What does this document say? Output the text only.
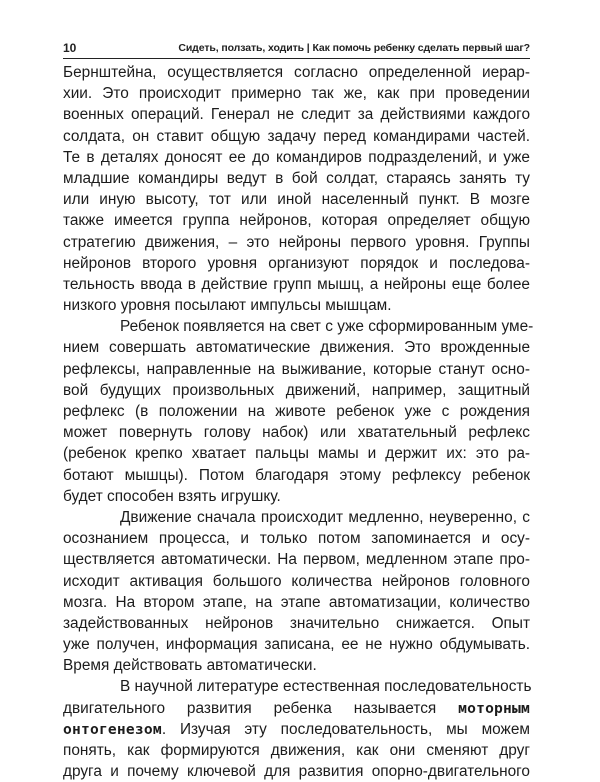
10	Сидеть, ползать, ходить | Как помочь ребенку сделать первый шаг?
Бернштейна, осуществляется согласно определенной иерар-
хии. Это происходит примерно так же, как при проведении
военных операций. Генерал не следит за действиями каждого
солдата, он ставит общую задачу перед командирами частей.
Те в деталях доносят ее до командиров подразделений, и уже
младшие командиры ведут в бой солдат, стараясь занять ту
или иную высоту, тот или иной населенный пункт. В мозге
также имеется группа нейронов, которая определяет общую
стратегию движения, – это нейроны первого уровня. Группы
нейронов второго уровня организуют порядок и последова-
тельность ввода в действие групп мышц, а нейроны еще более
низкого уровня посылают импульсы мышцам.
Ребенок появляется на свет с уже сформированным уме-
нием совершать автоматические движения. Это врожденные
рефлексы, направленные на выживание, которые станут осно-
вой будущих произвольных движений, например, защитный
рефлекс (в положении на животе ребенок уже с рождения
может повернуть голову набок) или хватательный рефлекс
(ребенок крепко хватает пальцы мамы и держит их: это ра-
ботают мышцы). Потом благодаря этому рефлексу ребенок
будет способен взять игрушку.
Движение сначала происходит медленно, неуверенно, с
осознанием процесса, и только потом запоминается и осу-
ществляется автоматически. На первом, медленном этапе про-
исходит активация большого количества нейронов головного
мозга. На втором этапе, на этапе автоматизации, количество
задействованных нейронов значительно снижается. Опыт
уже получен, информация записана, ее не нужно обдумывать.
Время действовать автоматически.
В научной литературе естественная последовательность
двигательного развития ребенка называется моторным
онтогенезом. Изучая эту последовательность, мы можем
понять, как формируются движения, как они сменяют друг
друга и почему ключевой для развития опорно-двигательного
